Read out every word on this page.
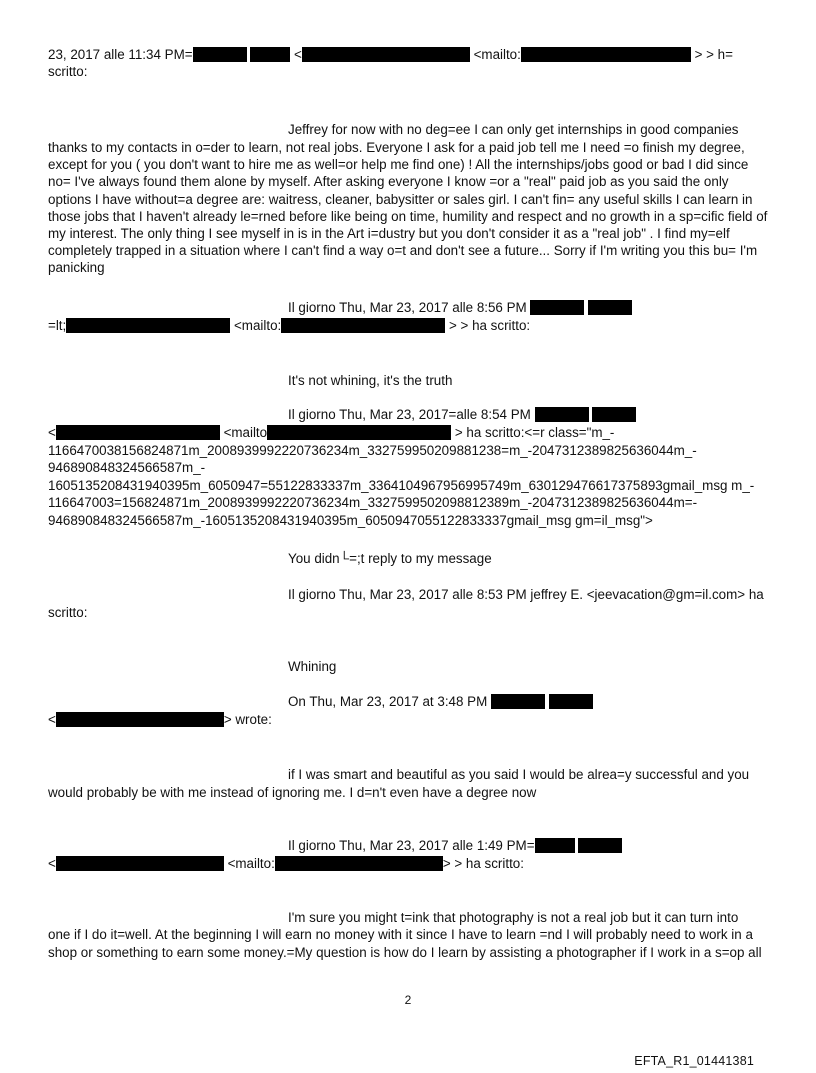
23, 2017 alle 11:34 PM=	<	<mailto:	> > h=
scritto:
Jeffrey for now with no deg=ee I can only get internships in good companies
thanks to my contacts in o=der to learn, not real jobs. Everyone I ask for a paid job tell me I need =o finish my degree, except for you ( you don't want to hire me as well=or help me find one) ! All the internships/jobs good or bad I did since no= I've always found them alone by myself. After asking everyone I know =or a "real" paid job as you said the only options I have without=a degree are: waitress, cleaner, babysitter or sales girl. I can't fin= any useful skills I can learn in those jobs that I haven't already le=rned before like being on time, humility and respect and no growth in a sp=cific field of my interest. The only thing I see myself in is in the Art i=dustry but you don't consider it as a "real job" . I find my=elf completely trapped in a situation where I can't find a way o=t and don't see a future... Sorry if I'm writing you this bu= I'm panicking
Il giorno Thu, Mar 23, 2017 alle 8:56 PM
=lt;	<mailto:	> > ha scritto:
It's not whining, it's the truth
Il giorno Thu, Mar 23, 2017=alle 8:54 PM
<	<mailto	> ha scritto:<=r class="m_-
1166470038156824871m_2008939992220736234m_332759950209881238=m_-2047312389825636044m_-
946890848324566587m_-
1605135208431940395m_6050947=55122833337m_3364104967956995749m_630129476617375893gmail_msg m_-
116647003=156824871m_2008939992220736234m_3327599502098812389m_-2047312389825636044m=-
946890848324566587m_-1605135208431940395m_6050947055122833337gmail_msg gm=il_msg">
You didn└=;t reply to my message
Il giorno Thu, Mar 23, 2017 alle 8:53 PM jeffrey E. <jeevacation@gm=il.com> ha
scritto:
Whining
On Thu, Mar 23, 2017 at 3:48 PM
<	> wrote:
if I was smart and beautiful as you said I would be alrea=y successful and you
would probably be with me instead of ignoring me. I d=n't even have a degree now
Il giorno Thu, Mar 23, 2017 alle 1:49 PM=
<	<mailto:	> > ha scritto:
I'm sure you might t=ink that photography is not a real job but it can turn into
one if I do it=well. At the beginning I will earn no money with it since I have to learn =nd I will probably need to work in a
shop or something to earn some money.=My question is how do I learn by assisting a photographer if I work in a s=op all
2
EFTA_R1_01441381
